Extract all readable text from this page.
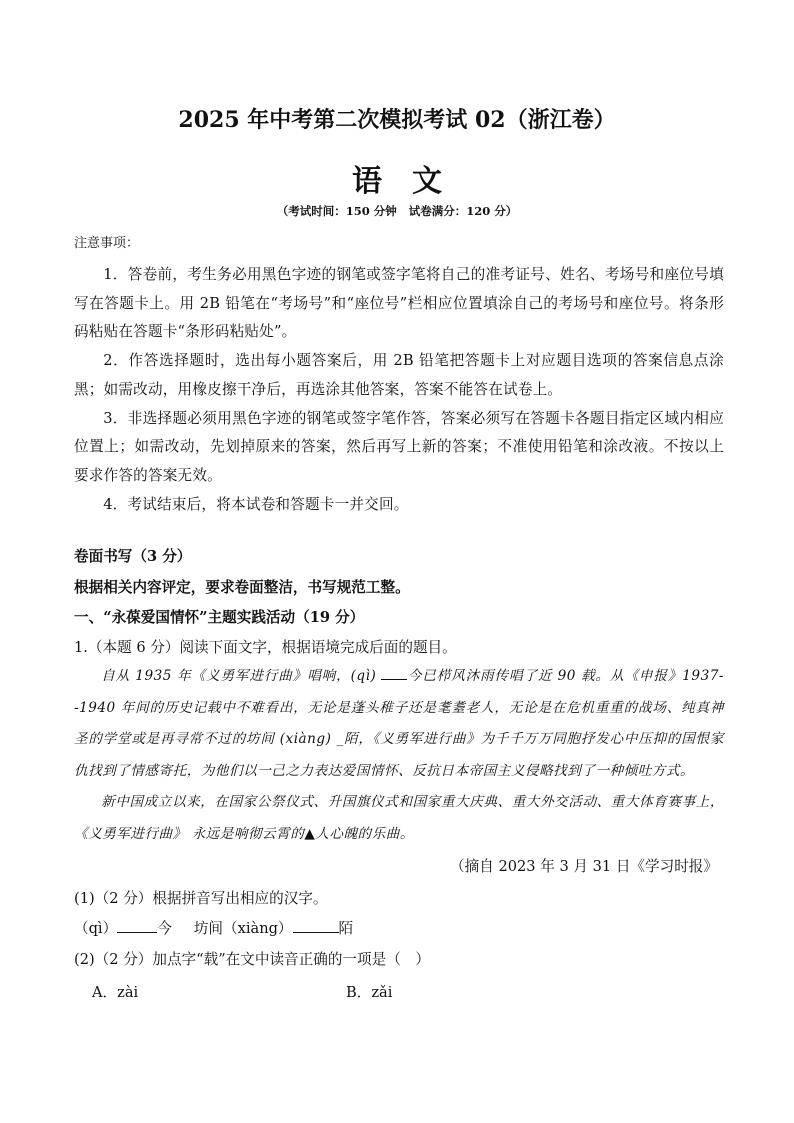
2025 年中考第二次模拟考试 02（浙江卷）
语文
（考试时间：150 分钟 试卷满分：120 分）
注意事项：

1．答卷前，考生务必用黑色字迹的钢笔或签字笔将自己的准考证号、姓名、考场号和座位号填写在答题卡上。用 2B 铅笔在“考场号”和“座位号”栏相应位置填涂自己的考场号和座位号。将条形码粘贴在答题卡“条形码粘贴处”。

2．作答选择题时，选出每小题答案后，用 2B 铅笔把答题卡上对应题目选项的答案信息点涂黑；如需改动，用橡皮擦干净后，再选涂其他答案，答案不能答在试卷上。

3．非选择题必须用黑色字迹的钢笔或签字笔作答，答案必须写在答题卡各题目指定区域内相应位置上；如需改动，先划掉原来的答案，然后再写上新的答案；不准使用铅笔和涂改液。不按以上要求作答的答案无效。

4．考试结束后，将本试卷和答题卡一并交回。

卷面书写（3 分）
根据相关内容评定，要求卷面整洁，书写规范工整。
一、“永葆爱国情怀”主题实践活动（19 分）
1.（本题 6 分）阅读下面文字，根据语境完成后面的题目。

自从 1935 年《义勇军进行曲》唱响，(qì) 今已栉风沐雨传唱了近 90 载。从《申报》1937--1940 年间的历史记载中不难看出，无论是蓬头稚子还是耄耋老人，无论是在危机重重的战场、纯真神圣的学堂或是再寻常不过的坊间 (xiàng) _陌，《义勇军进行曲》为千千万万同胞抒发心中压抑的国恨家仇找到了情感寄托，为他们以一己之力表达爱国情怀、反抗日本帝国主义侵略找到了一种倾吐方式。

新中国成立以来，在国家公祭仪式、升国旗仪式和国家重大庆典、重大外交活动、重大体育赛事上，《义勇军进行曲》 永远是响彻云霄的▲人心魄的乐曲。

（摘自 2023 年 3 月 31 日《学习时报》
(1)（2 分）根据拼音写出相应的汉字。
（qì）	今 坊间（xiàng）	陌
(2)（2 分）加点字“载”在文中读音正确的一项是（　）
A．zài	B．zǎi
